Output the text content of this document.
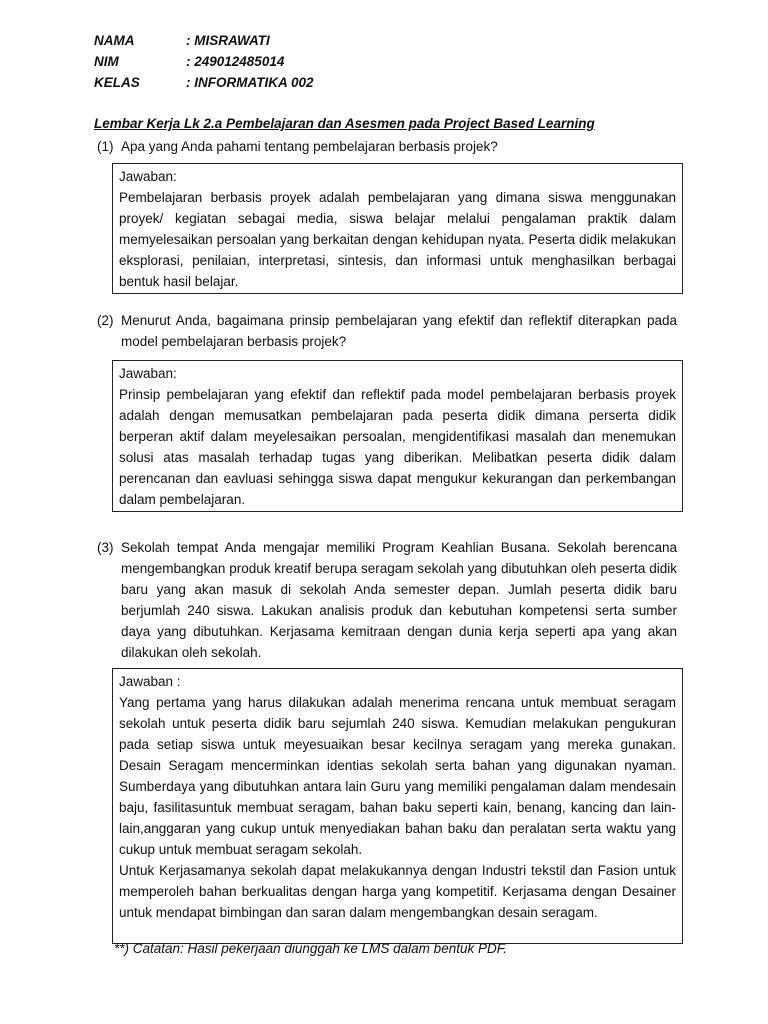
NAMA	: MISRAWATI
NIM	: 249012485014
KELAS	: INFORMATIKA 002
Lembar Kerja Lk 2.a Pembelajaran dan Asesmen pada Project Based Learning
(1) Apa yang Anda pahami tentang pembelajaran berbasis projek?
Jawaban:
Pembelajaran berbasis proyek adalah pembelajaran yang dimana siswa menggunakan proyek/ kegiatan sebagai media, siswa belajar melalui pengalaman praktik dalam memyelesaikan persoalan yang berkaitan dengan kehidupan nyata. Peserta didik melakukan eksplorasi, penilaian, interpretasi, sintesis, dan informasi untuk menghasilkan berbagai bentuk hasil belajar.
(2) Menurut Anda, bagaimana prinsip pembelajaran yang efektif dan reflektif diterapkan pada model pembelajaran berbasis projek?
Jawaban:
Prinsip pembelajaran yang efektif dan reflektif pada model pembelajaran berbasis proyek adalah dengan memusatkan pembelajaran pada peserta didik dimana perserta didik berperan aktif dalam meyelesaikan persoalan, mengidentifikasi masalah dan menemukan solusi atas masalah terhadap tugas yang diberikan. Melibatkan peserta didik dalam perencanan dan eavluasi sehingga siswa dapat mengukur kekurangan dan perkembangan dalam pembelajaran.
(3) Sekolah tempat Anda mengajar memiliki Program Keahlian Busana. Sekolah berencana mengembangkan produk kreatif berupa seragam sekolah yang dibutuhkan oleh peserta didik baru yang akan masuk di sekolah Anda semester depan. Jumlah peserta didik baru berjumlah 240 siswa. Lakukan analisis produk dan kebutuhan kompetensi serta sumber daya yang dibutuhkan. Kerjasama kemitraan dengan dunia kerja seperti apa yang akan dilakukan oleh sekolah.
Jawaban :

Yang pertama yang harus dilakukan adalah menerima rencana untuk membuat seragam sekolah untuk peserta didik baru sejumlah 240 siswa. Kemudian melakukan pengukuran pada setiap siswa untuk meyesuaikan besar kecilnya seragam yang mereka gunakan. Desain Seragam mencerminkan identias sekolah serta bahan yang digunakan nyaman. Sumberdaya yang dibutuhkan antara lain Guru yang memiliki pengalaman dalam mendesain baju, fasilitasuntuk membuat seragam, bahan baku seperti kain, benang, kancing dan lain-lain,anggaran yang cukup untuk menyediakan bahan baku dan peralatan serta waktu yang cukup untuk membuat seragam sekolah.

Untuk Kerjasamanya sekolah dapat melakukannya dengan Industri tekstil dan Fasion untuk memperoleh bahan berkualitas dengan harga yang kompetitif. Kerjasama dengan Desainer untuk mendapat bimbingan dan saran dalam mengembangkan desain seragam.

**) Catatan: Hasil pekerjaan diunggah ke LMS dalam bentuk PDF.
